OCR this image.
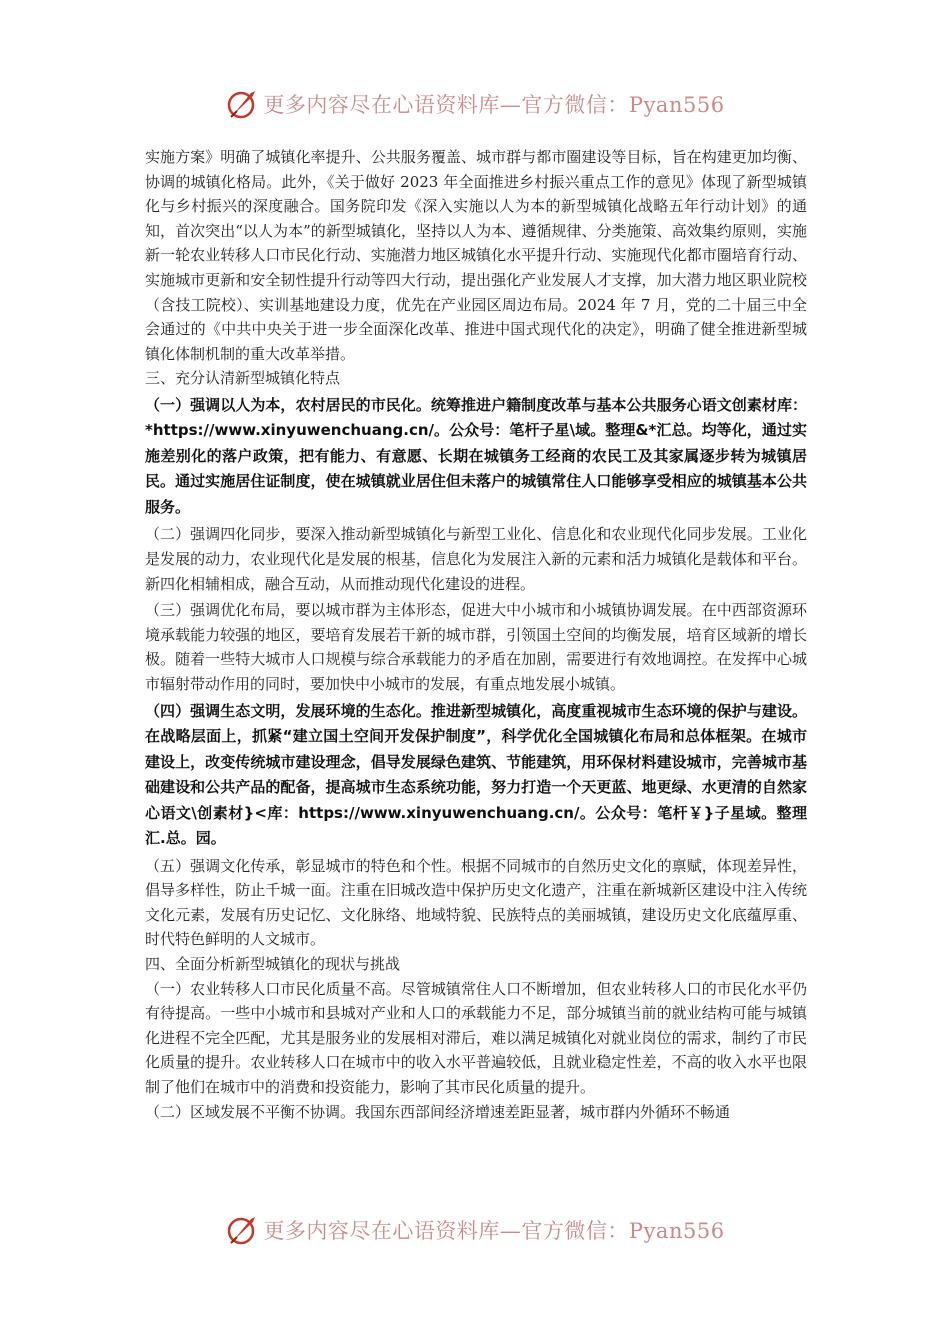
更多内容尽在心语资料库—官方微信：Pyan556

实施方案》明确了城镇化率提升、公共服务覆盖、城市群与都市圈建设等目标，旨在构建更加均衡、协调的城镇化格局。此外，《关于做好 2023 年全面推进乡村振兴重点工作的意见》体现了新型城镇化与乡村振兴的深度融合。国务院印发《深入实施以人为本的新型城镇化战略五年行动计划》的通知，首次突出“以人为本”的新型城镇化，坚持以人为本、遵循规律、分类施策、高效集约原则，实施新一轮农业转移人口市民化行动、实施潜力地区城镇化水平提升行动、实施现代化都市圈培育行动、实施城市更新和安全韧性提升行动等四大行动，提出强化产业发展人才支撑，加大潜力地区职业院校（含技工院校）、实训基地建设力度，优先在产业园区周边布局。2024 年 7 月，党的二十届三中全会通过的《中共中央关于进一步全面深化改革、推进中国式现代化的决定》，明确了健全推进新型城镇化体制机制的重大改革举措。

三、充分认清新型城镇化特点

（一）强调以人为本，农村居民的市民化。统筹推进户籍制度改革与基本公共服务心语文创素材库：*https://www.xinyuwenchuang.cn/。公众号：笔杆子星\域。整理&*汇总。均等化，通过实施差别化的落户政策，把有能力、有意愿、长期在城镇务工经商的农民工及其家属逐步转为城镇居民。通过实施居住证制度，使在城镇就业居住但未落户的城镇常住人口能够享受相应的城镇基本公共服务。

（二）强调四化同步，要深入推动新型城镇化与新型工业化、信息化和农业现代化同步发展。工业化是发展的动力，农业现代化是发展的根基，信息化为发展注入新的元素和活力城镇化是载体和平台。新四化相辅相成，融合互动，从而推动现代化建设的进程。

（三）强调优化布局，要以城市群为主体形态，促进大中小城市和小城镇协调发展。在中西部资源环境承载能力较强的地区，要培育发展若干新的城市群，引领国土空间的均衡发展，培育区域新的增长极。随着一些特大城市人口规模与综合承载能力的矛盾在加剧，需要进行有效地调控。在发挥中心城市辐射带动作用的同时，要加快中小城市的发展，有重点地发展小城镇。

（四）强调生态文明，发展环境的生态化。推进新型城镇化，高度重视城市生态环境的保护与建设。在战略层面上，抓紧“建立国土空间开发保护制度”，科学优化全国城镇化布局和总体框架。在城市建设上，改变传统城市建设理念，倡导发展绿色建筑、节能建筑，用环保材料建设城市，完善城市基础建设和公共产品的配备，提高城市生态系统功能，努力打造一个天更蓝、地更绿、水更清的自然家心语文\创素材}<库：https://www.xinyuwenchuang.cn/。公众号：笔杆￥}子星域。整理汇.总。园。

（五）强调文化传承，彰显城市的特色和个性。根据不同城市的自然历史文化的禀赋，体现差异性，倡导多样性，防止千城一面。注重在旧城改造中保护历史文化遗产，注重在新城新区建设中注入传统文化元素，发展有历史记忆、文化脉络、地域特貌、民族特点的美丽城镇，建设历史文化底蕴厚重、时代特色鲜明的人文城市。

四、全面分析新型城镇化的现状与挑战

（一）农业转移人口市民化质量不高。尽管城镇常住人口不断增加，但农业转移人口的市民化水平仍有待提高。一些中小城市和县城对产业和人口的承载能力不足，部分城镇当前的就业结构可能与城镇化进程不完全匹配，尤其是服务业的发展相对滞后，难以满足城镇化对就业岗位的需求，制约了市民化质量的提升。农业转移人口在城市中的收入水平普遍较低，且就业稳定性差，不高的收入水平也限制了他们在城市中的消费和投资能力，影响了其市民化质量的提升。

（二）区域发展不平衡不协调。我国东西部间经济增速差距显著，城市群内外循环不畅通

更多内容尽在心语资料库—官方微信：Pyan556
